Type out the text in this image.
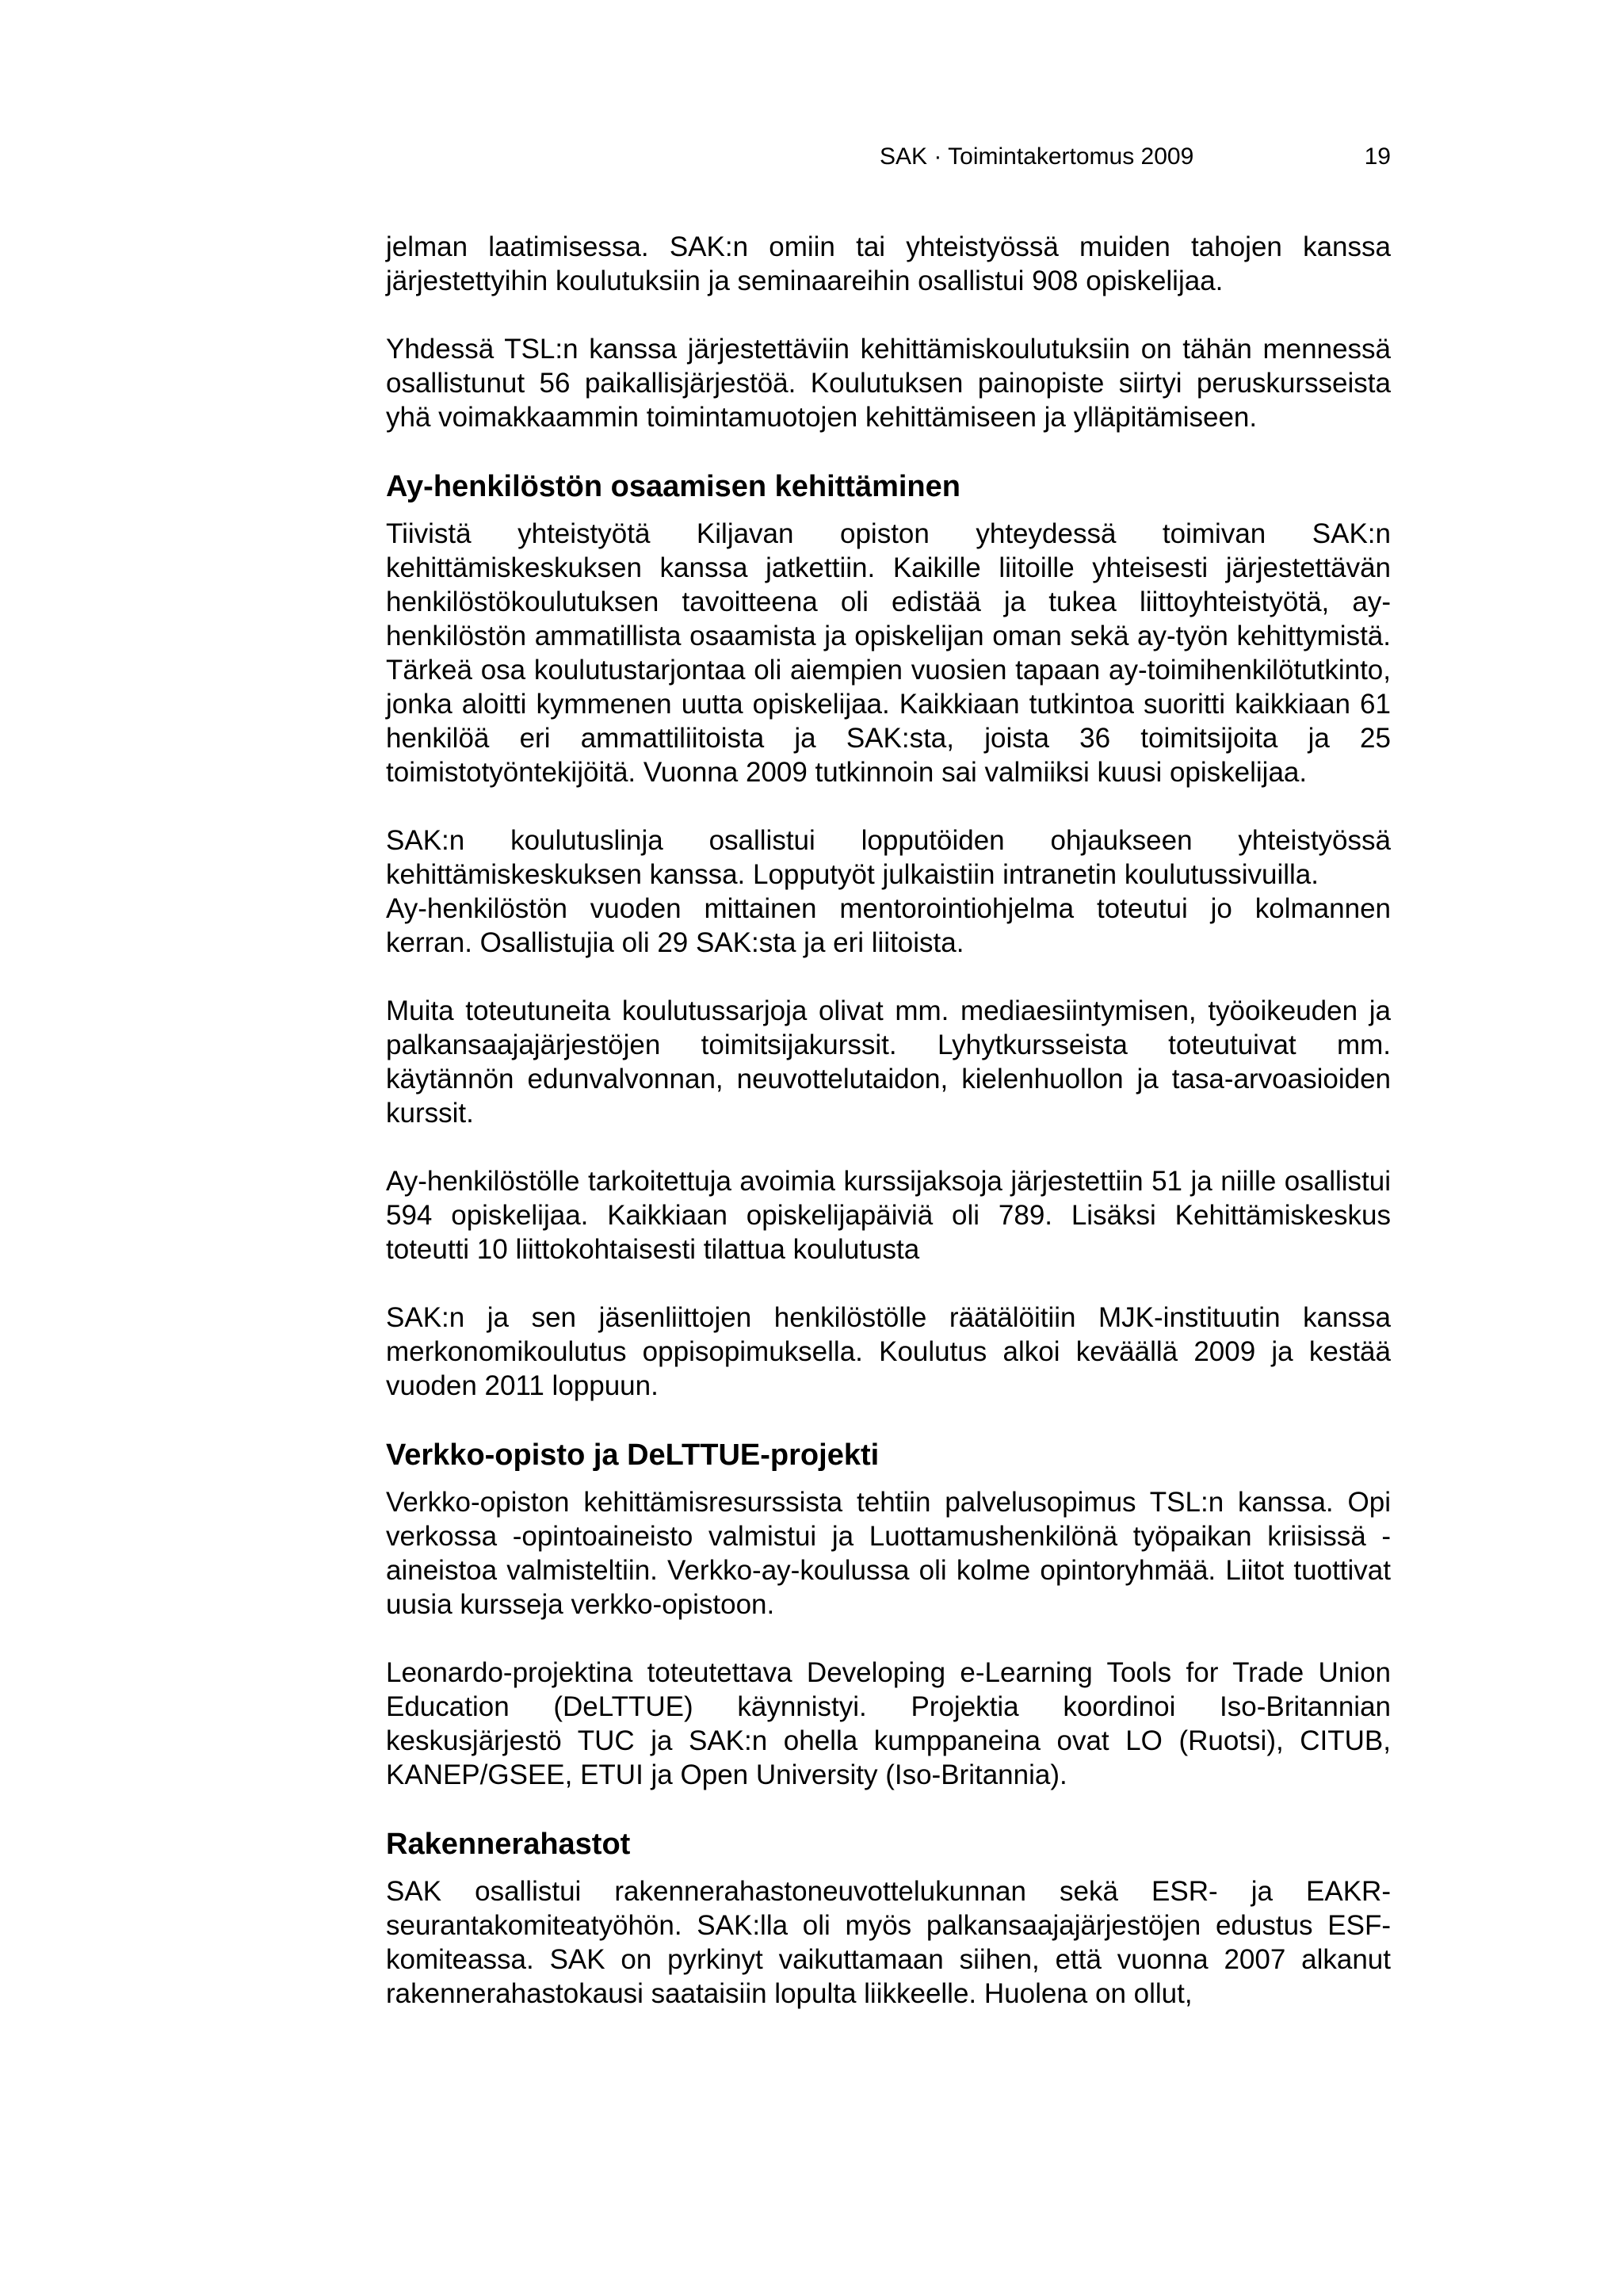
SAK · Toimintakertomus 2009	19

jelman laatimisessa. SAK:n omiin tai yhteistyössä muiden tahojen kanssa järjestettyihin koulutuksiin ja seminaareihin osallistui 908 opiskelijaa.

Yhdessä TSL:n kanssa järjestettäviin kehittämiskoulutuksiin on tähän mennessä osallistunut 56 paikallisjärjestöä. Koulutuksen painopiste siirtyi peruskursseista yhä voimakkaammin toimintamuotojen kehittämiseen ja ylläpitämiseen.

Ay-henkilöstön osaamisen kehittäminen

Tiivistä yhteistyötä Kiljavan opiston yhteydessä toimivan SAK:n kehittämiskeskuksen kanssa jatkettiin. Kaikille liitoille yhteisesti järjestettävän henkilöstökoulutuksen tavoitteena oli edistää ja tukea liittoyhteistyötä, ay-henkilöstön ammatillista osaamista ja opiskelijan oman sekä ay-työn kehittymistä. Tärkeä osa koulutustarjontaa oli aiempien vuosien tapaan ay-toimihenkilötutkinto, jonka aloitti kymmenen uutta opiskelijaa. Kaikkiaan tutkintoa suoritti kaikkiaan 61 henkilöä eri ammattiliitoista ja SAK:sta, joista 36 toimitsijoita ja 25 toimistotyöntekijöitä. Vuonna 2009 tutkinnoin sai valmiiksi kuusi opiskelijaa.

SAK:n koulutuslinja osallistui lopputöiden ohjaukseen yhteistyössä kehittämiskeskuksen kanssa. Lopputyöt julkaistiin intranetin koulutussivuilla.

Ay-henkilöstön vuoden mittainen mentorointiohjelma toteutui jo kolmannen kerran. Osallistujia oli 29 SAK:sta ja eri liitoista.

Muita toteutuneita koulutussarjoja olivat mm. mediaesiintymisen, työoikeuden ja palkansaajajärjestöjen toimitsijakurssit. Lyhytkursseista toteutuivat mm. käytännön edunvalvonnan, neuvottelutaidon, kielenhuollon ja tasa-arvoasioiden kurssit.

Ay-henkilöstölle tarkoitettuja avoimia kurssijaksoja järjestettiin 51 ja niille osallistui 594 opiskelijaa. Kaikkiaan opiskelijapäiviä oli 789. Lisäksi Kehittämiskeskus toteutti 10 liittokohtaisesti tilattua koulutusta

SAK:n ja sen jäsenliittojen henkilöstölle räätälöitiin MJK-instituutin kanssa merkonomikoulutus oppisopimuksella. Koulutus alkoi keväällä 2009 ja kestää vuoden 2011 loppuun.

Verkko-opisto ja DeLTTUE-projekti

Verkko-opiston kehittämisresurssista tehtiin palvelusopimus TSL:n kanssa. Opi verkossa -opintoaineisto valmistui ja Luottamushenkilönä työpaikan kriisissä -aineistoa valmisteltiin. Verkko-ay-koulussa oli kolme opintoryhmää. Liitot tuottivat uusia kursseja verkko-opistoon.

Leonardo-projektina toteutettava Developing e-Learning Tools for Trade Union Education (DeLTTUE) käynnistyi. Projektia koordinoi Iso-Britannian keskusjärjestö TUC ja SAK:n ohella kumppaneina ovat LO (Ruotsi), CITUB, KANEP/GSEE, ETUI ja Open University (Iso-Britannia).

Rakennerahastot

SAK osallistui rakennerahastoneuvottelukunnan sekä ESR- ja EAKR-seurantakomiteatyöhön. SAK:lla oli myös palkansaajajärjestöjen edustus ESF-komiteassa. SAK on pyrkinyt vaikuttamaan siihen, että vuonna 2007 alkanut rakennerahastokausi saataisiin lopulta liikkeelle. Huolena on ollut,
